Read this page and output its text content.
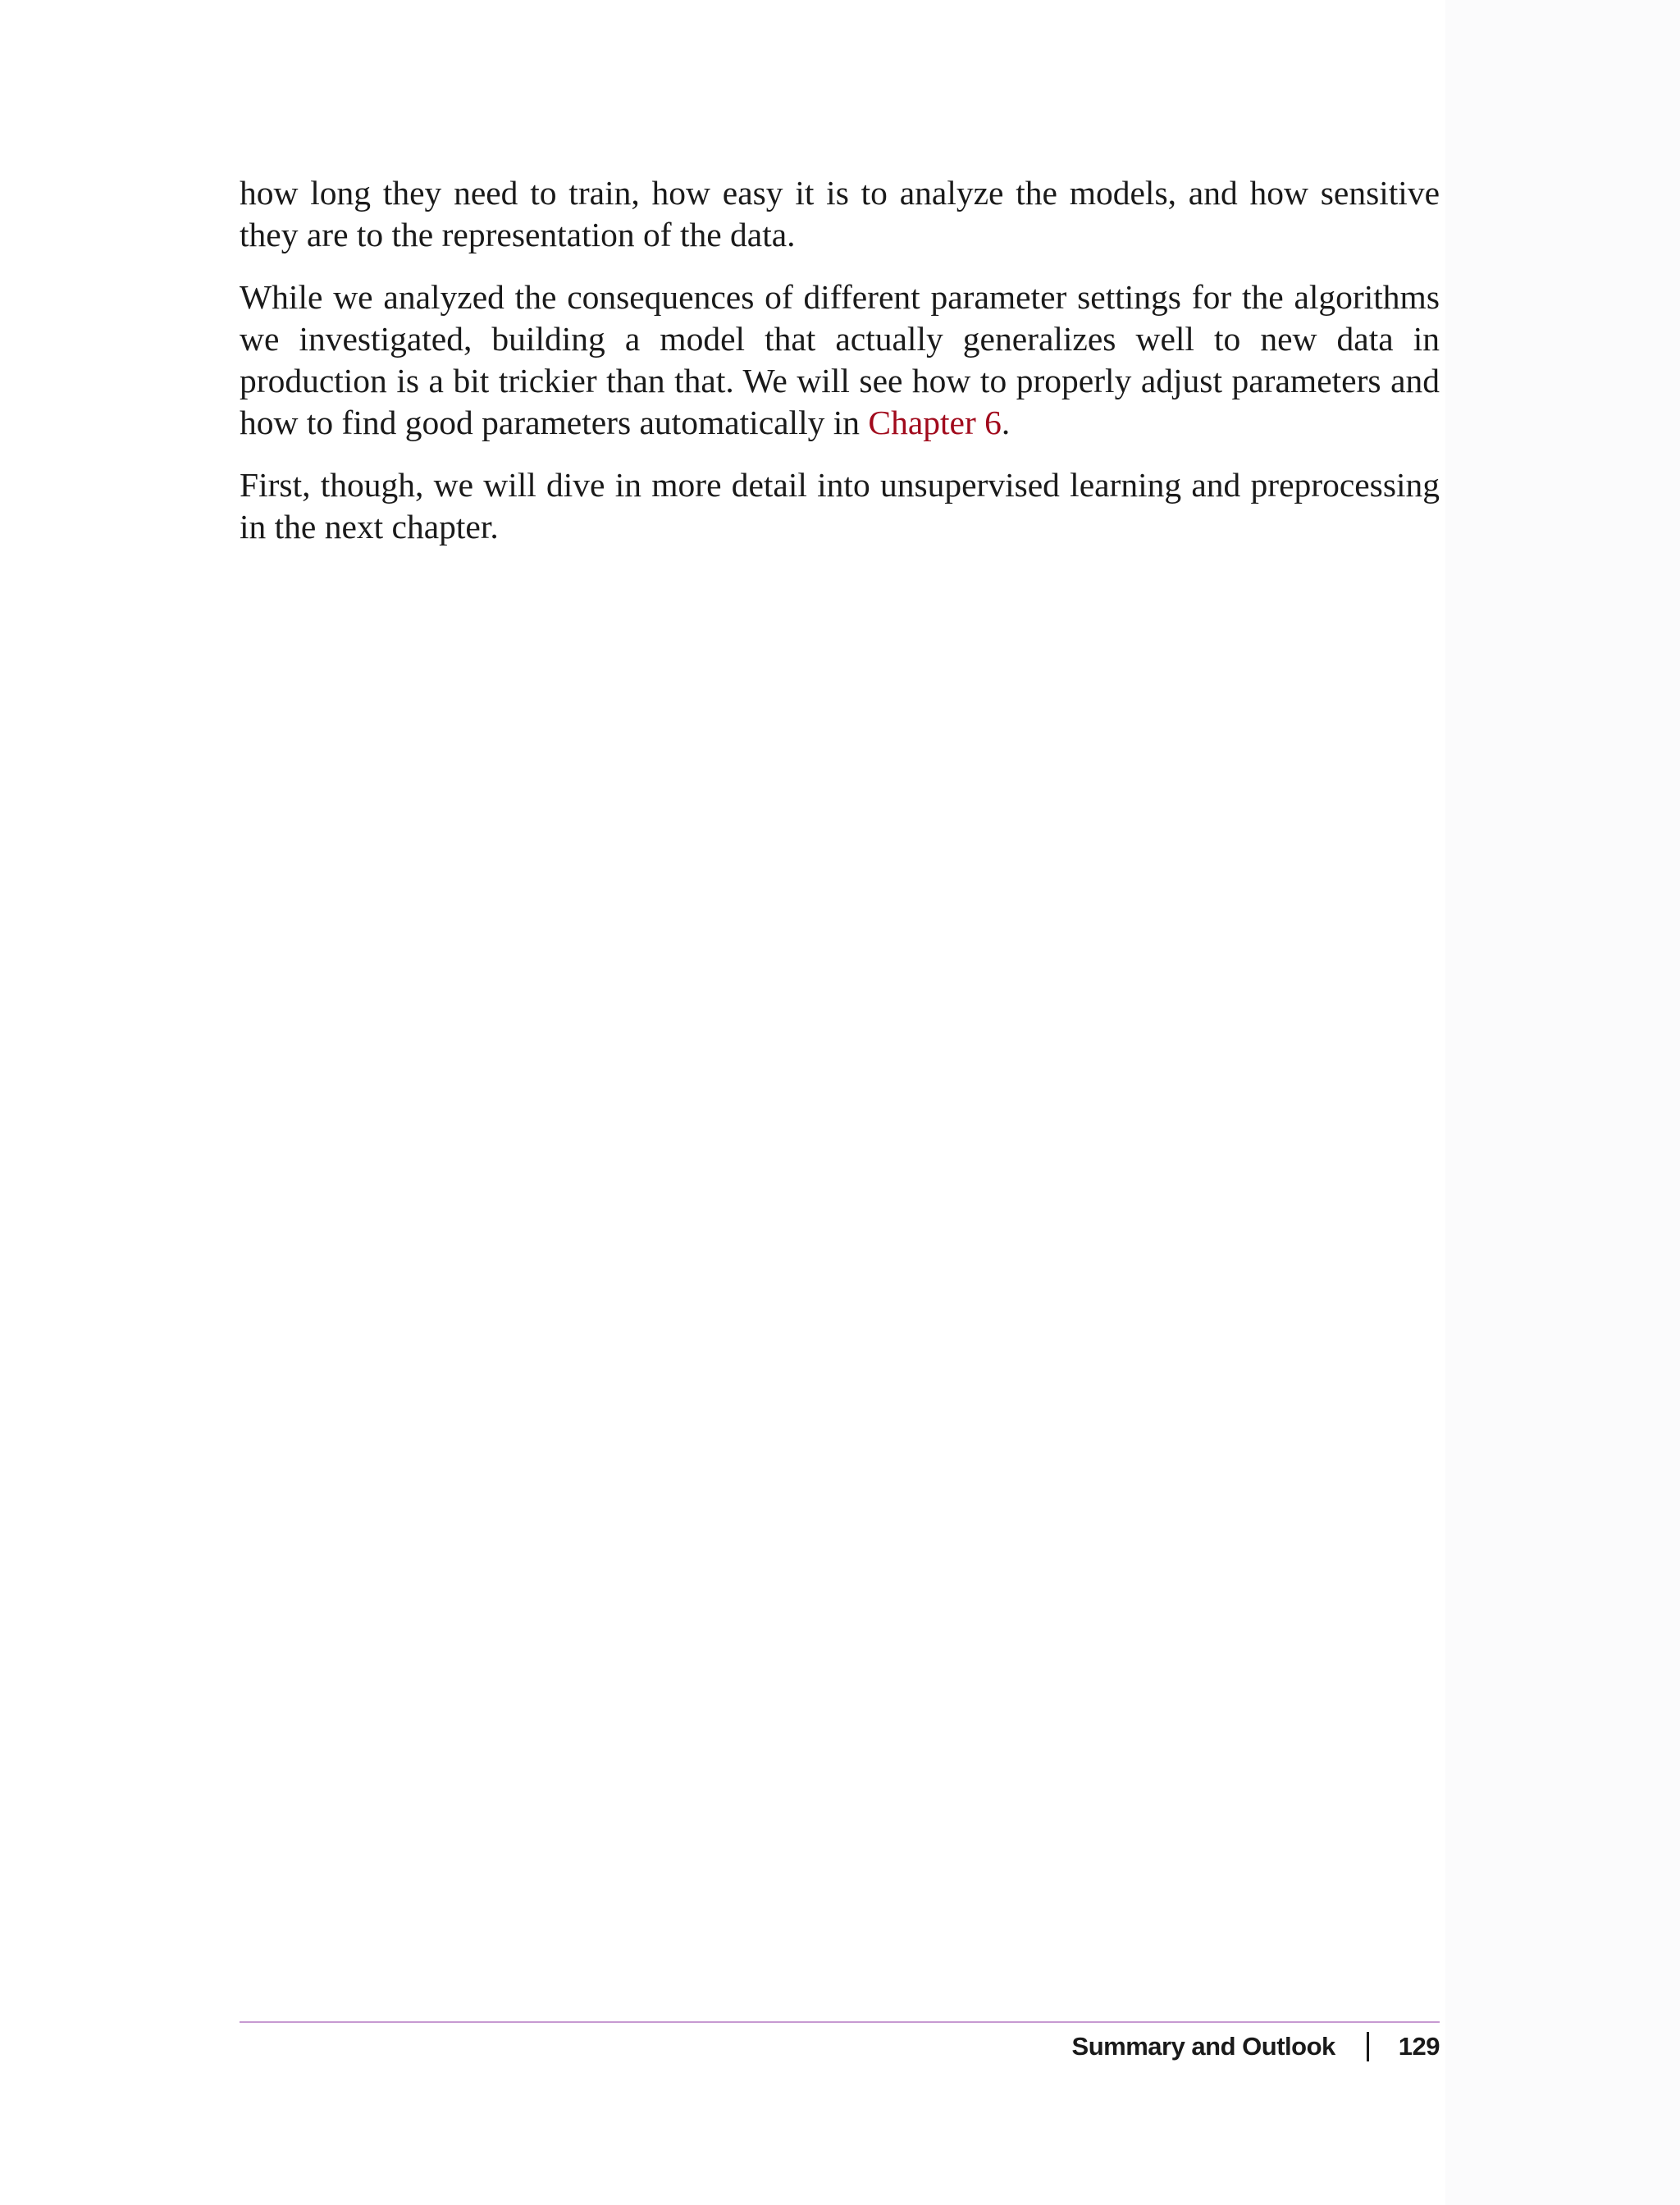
how long they need to train, how easy it is to analyze the models, and how sensitive they are to the representation of the data.

While we analyzed the consequences of different parameter settings for the algorithms we investigated, building a model that actually generalizes well to new data in production is a bit trickier than that. We will see how to properly adjust parameters and how to find good parameters automatically in Chapter 6.

First, though, we will dive in more detail into unsupervised learning and preprocessing in the next chapter.

Summary and Outlook 129
